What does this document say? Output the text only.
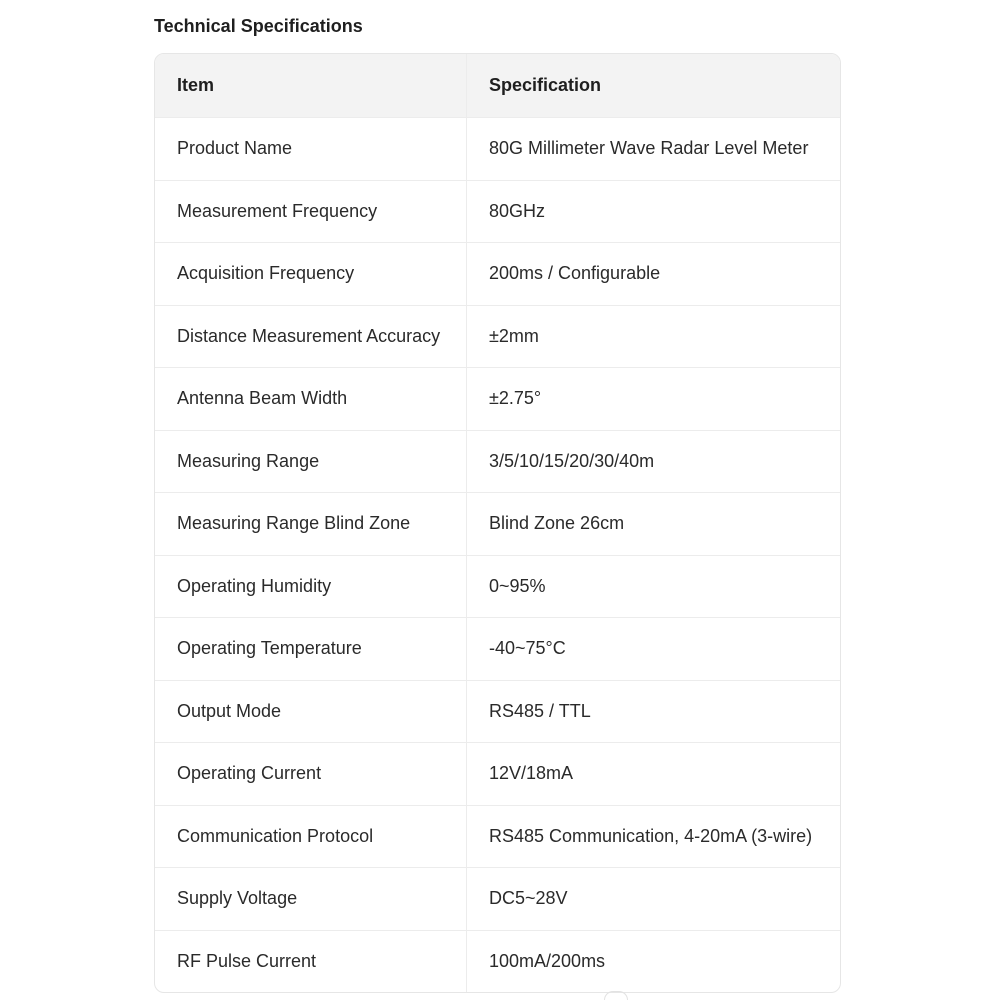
Technical Specifications
Item	Specification
Product Name	80G Millimeter Wave Radar Level Meter
Measurement Frequency	80GHz
Acquisition Frequency	200ms / Configurable
Distance Measurement Accuracy	±2mm
Antenna Beam Width	±2.75°
Measuring Range	3/5/10/15/20/30/40m
Measuring Range Blind Zone	Blind Zone 26cm
Operating Humidity	0~95%
Operating Temperature	-40~75°C
Output Mode	RS485 / TTL
Operating Current	12V/18mA
Communication Protocol	RS485 Communication, 4-20mA (3-wire)
Supply Voltage	DC5~28V
RF Pulse Current	100mA/200ms
